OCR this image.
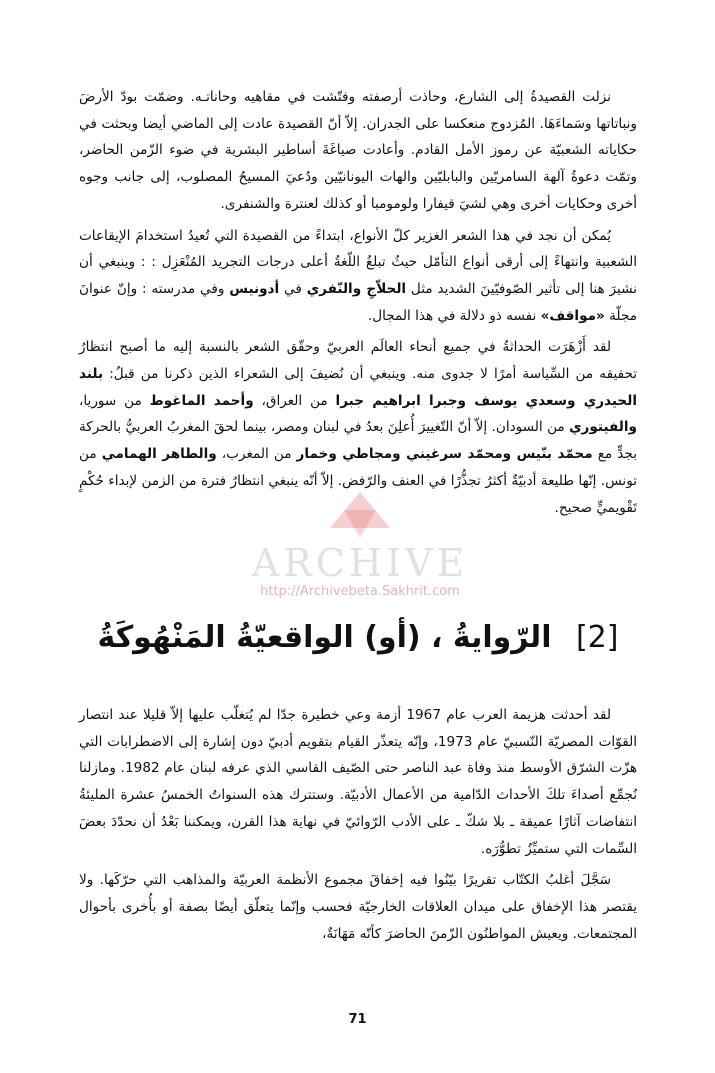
نزلت القصيدةُ إلى الشارع، وحاذت أرصفته وفتّشت في مقاهيه وحاناتـه. وضمّت بودّ الأرضَ ونباتاتها وسَماءَهَا. المُزدوج منعكسا على الجدران. إلاّ أنّ القصيدة عادت إلى الماضي أيضا وبحثت في حكاياته الشعبيّة عن رموز الأمل القادم. وأعادت صياغَةَ أساطير البشرية في ضوء الزّمن الحاضر، وتمّت دعوةُ آلهة السامريّين والبابليّين والهات اليونانيّين ودُعيَ المسيحُ المصلوب، إلى جانب وجوه أخرى وحكايات أخرى وهي لشيَ قيفارا ولومومبا أو كذلك لعنترة والشنفرى.

يُمكن أن نجد في هذا الشعر الغزير كلّ الأنواع، ابتداءً من القصيدة التي تُعيدُ استخدامَ الإيقاعات الشعبية وانتهاءً إلى أرقى أنواع التأمّل حيثُ تبلغُ اللّغةُ أعلى درجات التجريد المُنْعَزِل : : وينبغي أن نشيرَ هنا إلى تأثير الصّوفيّينَ الشديد مثل الحلاّجِ والنّفري في أدونيس وفي مدرسته : وإنّ عنوانَ مجلّة «مواقف» نفسه ذو دلالة في هذا المجال.

لقد أَزْهَرَت الحداثةُ في جميع أنحاء العالَم العربيّ وحقّق الشعر بالنسبة إليه ما أصبح انتظارُ تحقيقه من السِّياسة أمرًا لا جدوى منه. وينبغي أن نُضيفَ إلى الشعراء الذين ذكرنا من قبلُ: بلند الحيدري وسعدي يوسف وجبرا ابراهيم جبرا من العراق، وأحمد الماغوط من سوريا، والفيتوري من السودان. إلاّ أنّ التّغييرَ أُعلِنَ بعدُ في لبنان ومصر، بينما لحقَ المغربُ العربيُّ بالحركة بجدٍّ مع محمّد بنّيس ومحمّد سرغيني ومجاطي وخمار من المغرب، والطاهر الهمامي من تونس. إنّها طليعة أدبيّةٌ أكثرُ تجذُّرًا في العنف والرّفض. إلاّ أنّه ينبغي انتظارُ فترة من الزمن لإبداء حُكْمٍ تَقْويميٍّ صحيح.

ARCHIVE
http://Archivebeta.Sakhrit.com
[2] الرّوايةُ ، (أو) الواقعيّةُ المَنْهُوكَةُ

لقد أحدثت هزيمة العرب عام 1967 أزمة وعي خطيرة جدّا لم يُتغلّب عليها إلاّ قليلا عند انتصار القوّات المصريّة النّسبيّ عام 1973، وإنّه يتعذّر القيام بتقويم أدبيّ دون إشارة إلى الاضطرابات التي هزّت الشرّق الأوسط منذ وفاة عبد الناصر حتى الصّيف القاسي الذي عرفه لبنان عام 1982. ومازلنا نُجمِّع أصداءَ تلكَ الأحداث الدّامية من الأعمال الأدبيّة. وستترك هذه السنواتُ الخمسُ عشرة المليئةُ انتفاضات آثارًا عميقة ـ بلا شكّ ـ على الأدب الرّوائيّ في نهاية هذا القرن، ويمكننا بَعْدُ أن نحدّدَ بعضَ السِّمات التي ستميِّزُ تطوُّرَه.

سَجَّلَ أغلبُ الكتّاب تقريرًا بيّنُوا فيه إخفاقَ مجموع الأنظمة العربيّة والمذاهب التي حرّكَها. ولا يقتصر هذا الإخفاق على ميدان العلاقات الخارجيّة فحسب وإنّما يتعلّق أيضًا بصفة أو بأُخرى بأحوال المجتمعات. ويعيش المواطنُون الزّمنَ الحاضرَ كأنّه مَهَانَةٌ،

71
